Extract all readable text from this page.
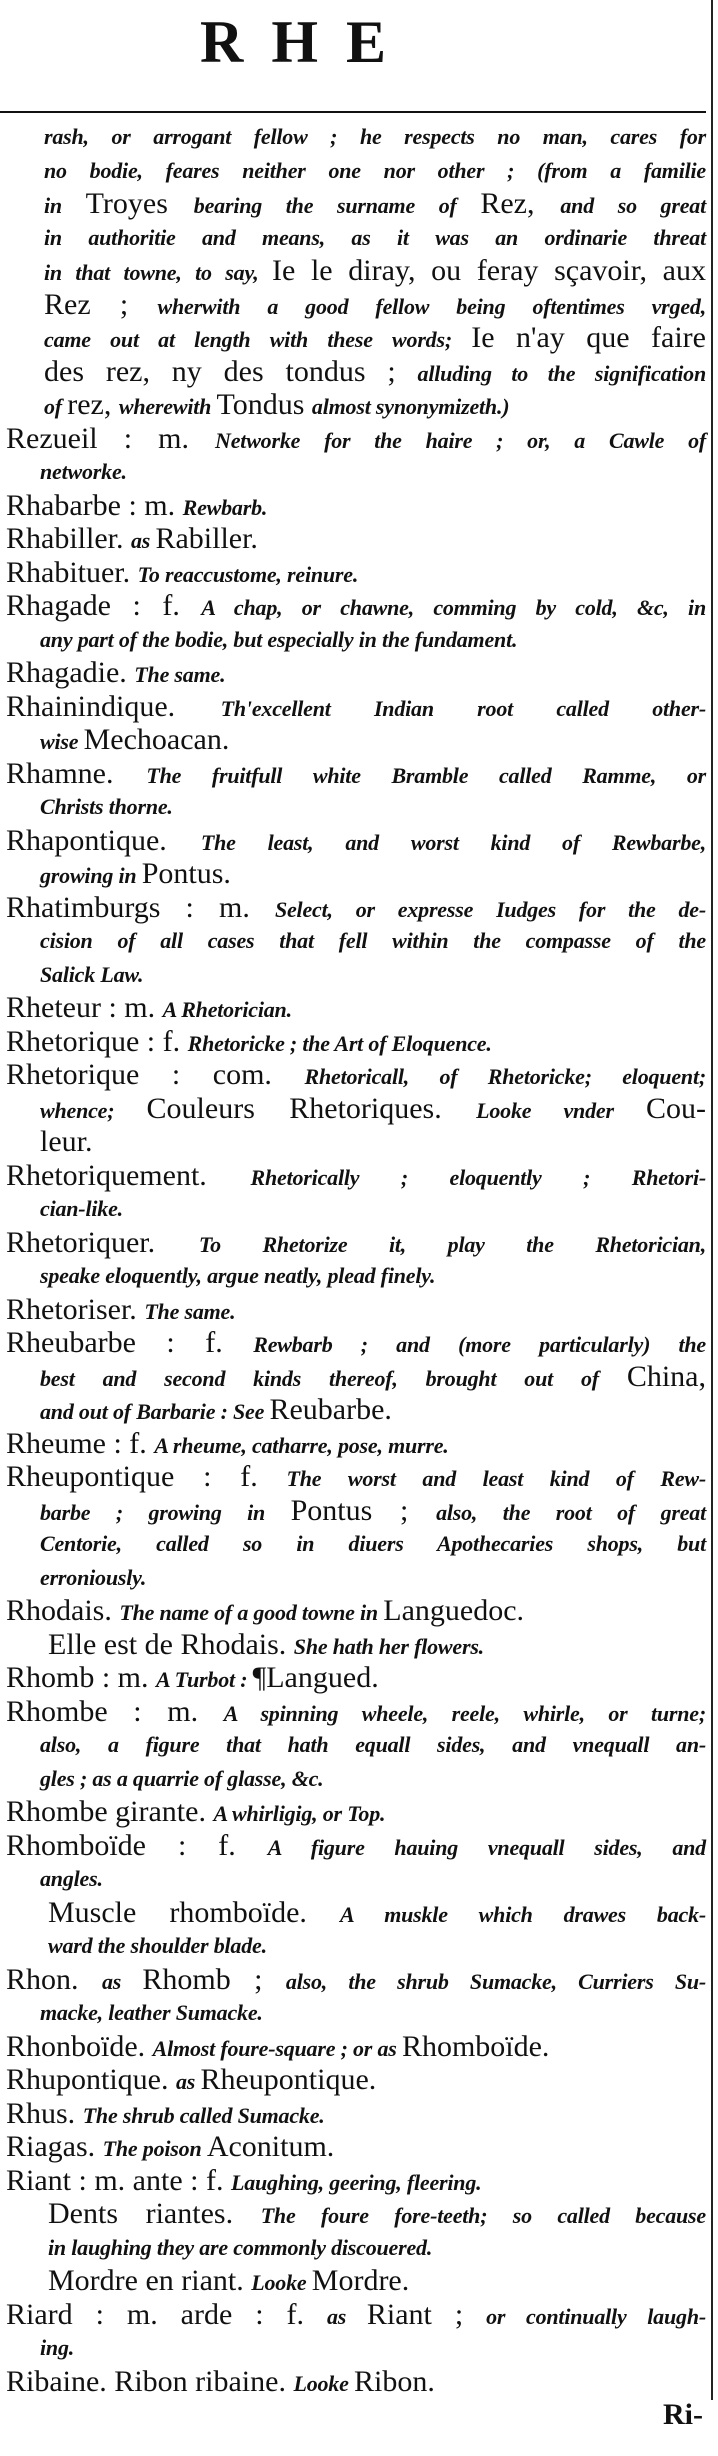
RHE
rash, or arrogant fellow ; he respects no man, cares for
no bodie, feares neither one nor other ; (from a familie
in Troyes bearing the surname of Rez, and so great
in authoritie and means, as it was an ordinarie threat
in that towne, to say, Ie le diray, ou feray sçavoir, aux
Rez ; wherwith a good fellow being oftentimes vrged,
came out at length with these words; Ie n'ay que faire
des rez, ny des tondus ; alluding to the signification
of rez, wherewith Tondus almost synonymizeth.)
Rezueil : m. Networke for the haire ; or, a Cawle of
networke.
Rhabarbe : m. Rewbarb.
Rhabiller. as Rabiller.
Rhabituer. To reaccustome, reinure.
Rhagade : f. A chap, or chawne, comming by cold, &c, in
any part of the bodie, but especially in the fundament.
Rhagadie. The same.
Rhainindique. Th'excellent Indian root called other-
wise Mechoacan.
Rhamne. The fruitfull white Bramble called Ramme, or
Christs thorne.
Rhapontique. The least, and worst kind of Rewbarbe,
growing in Pontus.
Rhatimburgs : m. Select, or expresse Iudges for the de-
cision of all cases that fell within the compasse of the
Salick Law.
Rheteur : m. A Rhetorician.
Rhetorique : f. Rhetoricke ; the Art of Eloquence.
Rhetorique : com. Rhetoricall, of Rhetoricke; eloquent;
whence; Couleurs Rhetoriques. Looke vnder Cou-
leur.
Rhetoriquement. Rhetorically ; eloquently ; Rhetori-
cian-like.
Rhetoriquer. To Rhetorize it, play the Rhetorician,
speake eloquently, argue neatly, plead finely.
Rhetoriser. The same.
Rheubarbe : f. Rewbarb ; and (more particularly) the
best and second kinds thereof, brought out of China,
and out of Barbarie : See Reubarbe.
Rheume : f. A rheume, catharre, pose, murre.
Rheupontique : f. The worst and least kind of Rew-
barbe ; growing in Pontus ; also, the root of great
Centorie, called so in diuers Apothecaries shops, but
erroniously.
Rhodais. The name of a good towne in Languedoc.
Elle est de Rhodais. She hath her flowers.
Rhomb : m. A Turbot : ¶Langued.
Rhombe : m. A spinning wheele, reele, whirle, or turne;
also, a figure that hath equall sides, and vnequall an-
gles ; as a quarrie of glasse, &c.
Rhombe girante. A whirligig, or Top.
Rhomboïde : f. A figure hauing vnequall sides, and
angles.
Muscle rhomboïde. A muskle which drawes back-
ward the shoulder blade.
Rhon. as Rhomb ; also, the shrub Sumacke, Curriers Su-
macke, leather Sumacke.
Rhonboïde. Almost foure-square ; or as Rhomboïde.
Rhupontique. as Rheupontique.
Rhus. The shrub called Sumacke.
Riagas. The poison Aconitum.
Riant : m. ante : f. Laughing, geering, fleering.
Dents riantes. The foure fore-teeth; so called because
in laughing they are commonly discouered.
Mordre en riant. Looke Mordre.
Riard : m. arde : f. as Riant ; or continually laugh-
ing.
Ribaine. Ribon ribaine. Looke Ribon.
Ri-
